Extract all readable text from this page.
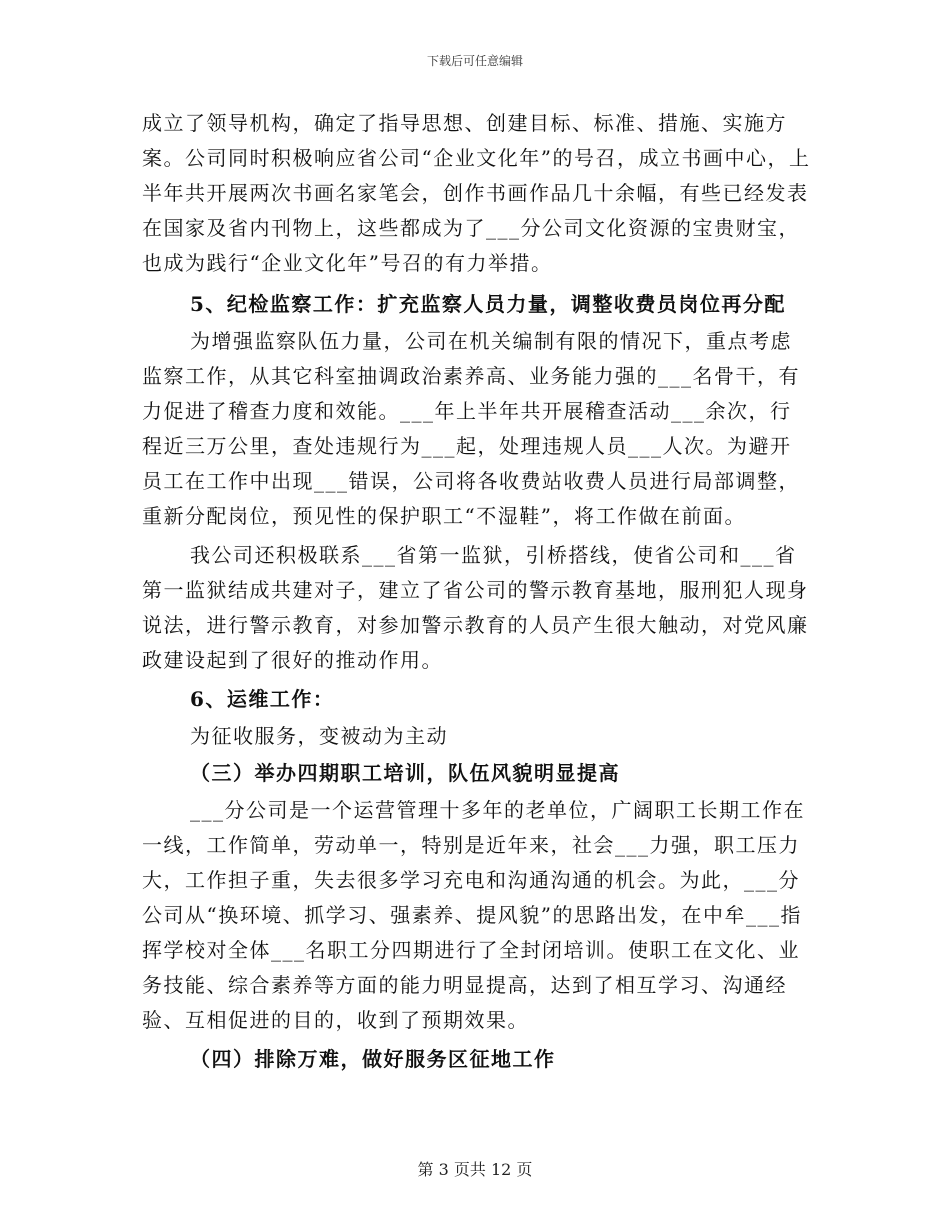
下载后可任意编辑

成立了领导机构，确定了指导思想、创建目标、标准、措施、实施方案。公司同时积极响应省公司“企业文化年”的号召，成立书画中心，上半年共开展两次书画名家笔会，创作书画作品几十余幅，有些已经发表在国家及省内刊物上，这些都成为了___分公司文化资源的宝贵财宝，也成为践行“企业文化年”号召的有力举措。

5、纪检监察工作：扩充监察人员力量，调整收费员岗位再分配

为增强监察队伍力量，公司在机关编制有限的情况下，重点考虑监察工作，从其它科室抽调政治素养高、业务能力强的___名骨干，有力促进了稽查力度和效能。___年上半年共开展稽查活动___余次，行程近三万公里，查处违规行为___起，处理违规人员___人次。为避开员工在工作中出现___错误，公司将各收费站收费人员进行局部调整，重新分配岗位，预见性的保护职工“不湿鞋”，将工作做在前面。

我公司还积极联系___省第一监狱，引桥搭线，使省公司和___省第一监狱结成共建对子，建立了省公司的警示教育基地，服刑犯人现身说法，进行警示教育，对参加警示教育的人员产生很大触动，对党风廉政建设起到了很好的推动作用。

6、运维工作：

为征收服务，变被动为主动

（三）举办四期职工培训，队伍风貌明显提高

___分公司是一个运营管理十多年的老单位，广阔职工长期工作在一线，工作简单，劳动单一，特别是近年来，社会___力强，职工压力大，工作担子重，失去很多学习充电和沟通沟通的机会。为此，___分公司从“换环境、抓学习、强素养、提风貌”的思路出发，在中牟___指挥学校对全体___名职工分四期进行了全封闭培训。使职工在文化、业务技能、综合素养等方面的能力明显提高，达到了相互学习、沟通经验、互相促进的目的，收到了预期效果。

（四）排除万难，做好服务区征地工作

第 3 页共 12 页
